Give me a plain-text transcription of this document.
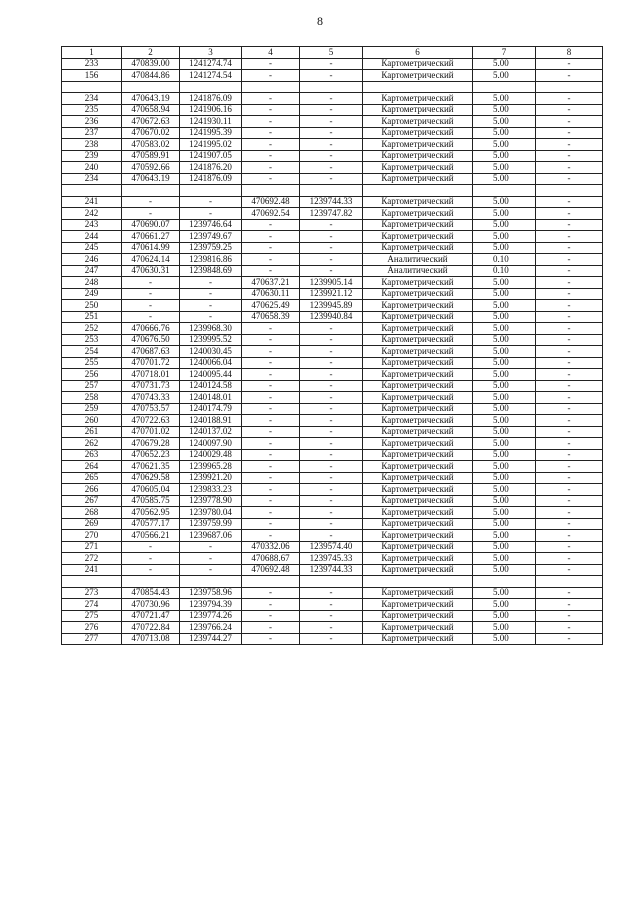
8
1	2	3	4	5	6	7	8
233	470839.00	1241274.74	-	-	Картометрический	5.00	-
156	470844.86	1241274.54	-	-	Картометрический	5.00	-

234	470643.19	1241876.09	-	-	Картометрический	5.00	-
235	470658.94	1241906.16	-	-	Картометрический	5.00	-
236	470672.63	1241930.11	-	-	Картометрический	5.00	-
237	470670.02	1241995.39	-	-	Картометрический	5.00	-
238	470583.02	1241995.02	-	-	Картометрический	5.00	-
239	470589.91	1241907.05	-	-	Картометрический	5.00	-
240	470592.66	1241876.20	-	-	Картометрический	5.00	-
234	470643.19	1241876.09	-	-	Картометрический	5.00	-

241	-	-	470692.48	1239744.33	Картометрический	5.00	-
242	-	-	470692.54	1239747.82	Картометрический	5.00	-
243	470690.07	1239746.64	-	-	Картометрический	5.00	-
244	470661.27	1239749.67	-	-	Картометрический	5.00	-
245	470614.99	1239759.25	-	-	Картометрический	5.00	-
246	470624.14	1239816.86	-	-	Аналитический	0.10	-
247	470630.31	1239848.69	-	-	Аналитический	0.10	-
248	-	-	470637.21	1239905.14	Картометрический	5.00	-
249	-	-	470630.11	1239921.12	Картометрический	5.00	-
250	-	-	470625.49	1239945.89	Картометрический	5.00	-
251	-	-	470658.39	1239940.84	Картометрический	5.00	-
252	470666.76	1239968.30	-	-	Картометрический	5.00	-
253	470676.50	1239995.52	-	-	Картометрический	5.00	-
254	470687.63	1240030.45	-	-	Картометрический	5.00	-
255	470701.72	1240066.04	-	-	Картометрический	5.00	-
256	470718.01	1240095.44	-	-	Картометрический	5.00	-
257	470731.73	1240124.58	-	-	Картометрический	5.00	-
258	470743.33	1240148.01	-	-	Картометрический	5.00	-
259	470753.57	1240174.79	-	-	Картометрический	5.00	-
260	470722.63	1240188.91	-	-	Картометрический	5.00	-
261	470701.02	1240137.02	-	-	Картометрический	5.00	-
262	470679.28	1240097.90	-	-	Картометрический	5.00	-
263	470652.23	1240029.48	-	-	Картометрический	5.00	-
264	470621.35	1239965.28	-	-	Картометрический	5.00	-
265	470629.58	1239921.20	-	-	Картометрический	5.00	-
266	470605.04	1239833.23	-	-	Картометрический	5.00	-
267	470585.75	1239778.90	-	-	Картометрический	5.00	-
268	470562.95	1239780.04	-	-	Картометрический	5.00	-
269	470577.17	1239759.99	-	-	Картометрический	5.00	-
270	470566.21	1239687.06	-	-	Картометрический	5.00	-
271	-	-	470332.06	1239574.40	Картометрический	5.00	-
272	-	-	470688.67	1239745.33	Картометрический	5.00	-
241	-	-	470692.48	1239744.33	Картометрический	5.00	-

273	470854.43	1239758.96	-	-	Картометрический	5.00	-
274	470730.96	1239794.39	-	-	Картометрический	5.00	-
275	470721.47	1239774.26	-	-	Картометрический	5.00	-
276	470722.84	1239766.24	-	-	Картометрический	5.00	-
277	470713.08	1239744.27	-	-	Картометрический	5.00	-
